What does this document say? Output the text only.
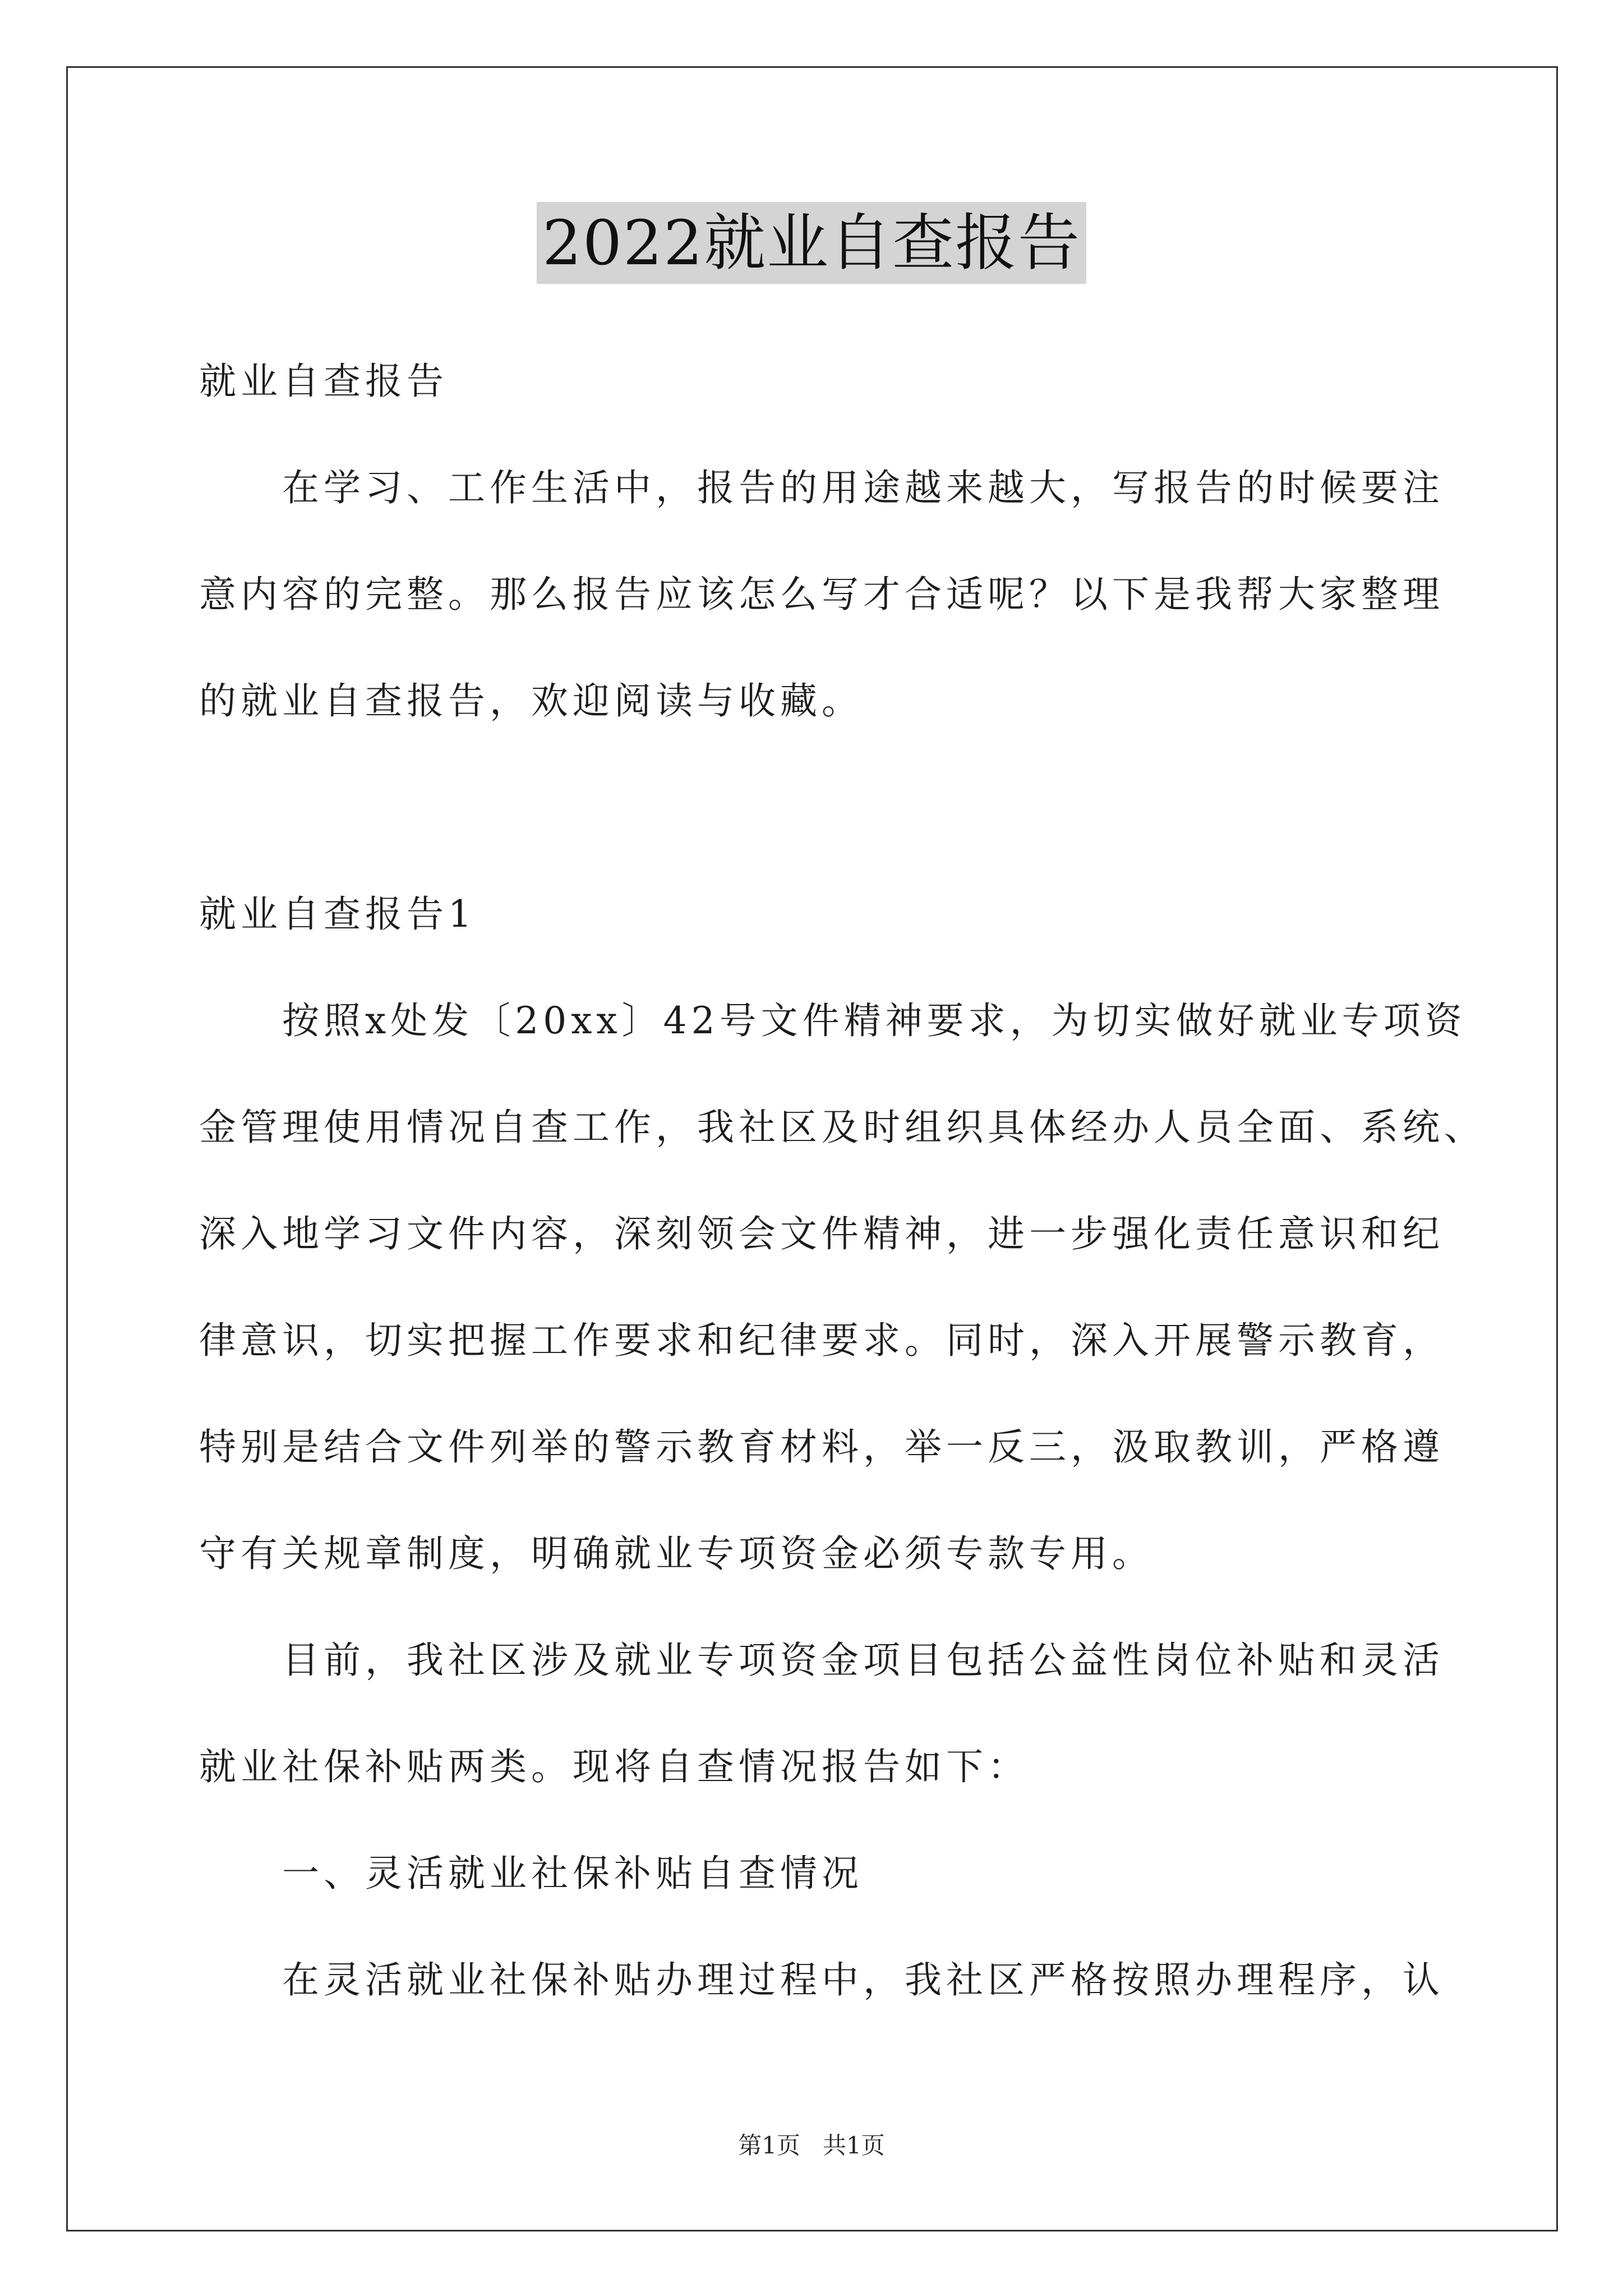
2022就业自查报告
就业自查报告
　　在学习、工作生活中，报告的用途越来越大，写报告的时候要注
意内容的完整。那么报告应该怎么写才合适呢？以下是我帮大家整理
的就业自查报告，欢迎阅读与收藏。
就业自查报告1
　　按照x处发〔20xx〕42号文件精神要求，为切实做好就业专项资
金管理使用情况自查工作，我社区及时组织具体经办人员全面、系统、
深入地学习文件内容，深刻领会文件精神，进一步强化责任意识和纪
律意识，切实把握工作要求和纪律要求。同时，深入开展警示教育，
特别是结合文件列举的警示教育材料，举一反三，汲取教训，严格遵
守有关规章制度，明确就业专项资金必须专款专用。
　　目前，我社区涉及就业专项资金项目包括公益性岗位补贴和灵活
就业社保补贴两类。现将自查情况报告如下：
　　一、灵活就业社保补贴自查情况
　　在灵活就业社保补贴办理过程中，我社区严格按照办理程序，认
第1页 共1页
